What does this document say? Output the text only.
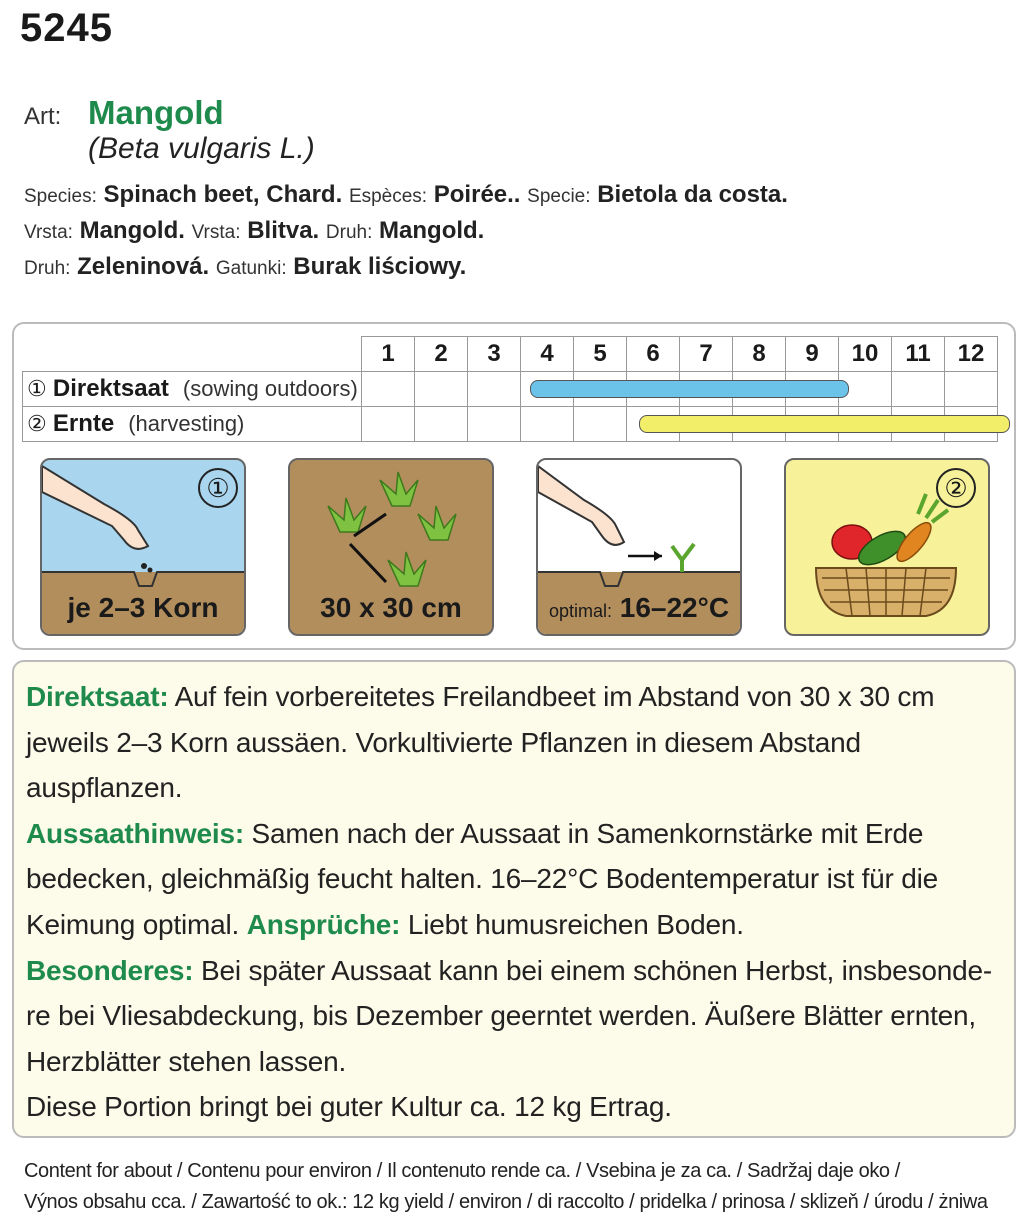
5245
Art: Mangold
(Beta vulgaris L.)
Species: Spinach beet, Chard. Espèces: Poirée.. Specie: Bietola da costa.
Vrsta: Mangold. Vrsta: Blitva. Druh: Mangold.
Druh: Zeleninová. Gatunki: Burak liściowy.
	1	2	3	4	5	6	7	8	9	10	11	12
① Direktsaat (sowing outdoors)												
② Ernte (harvesting)												
①
je 2–3 Korn	30 x 30 cm	optimal: 16–22°C
②

Direktsaat: Auf fein vorbereitetes Freilandbeet im Abstand von 30 x 30 cm jeweils 2–3 Korn aussäen. Vorkultivierte Pflanzen in diesem Abstand auspflanzen.
Aussaathinweis: Samen nach der Aussaat in Samenkornstärke mit Erde bedecken, gleichmäßig feucht halten. 16–22°C Bodentemperatur ist für die Keimung optimal. Ansprüche: Liebt humusreichen Boden.
Besonderes: Bei später Aussaat kann bei einem schönen Herbst, insbesonde-re bei Vliesabdeckung, bis Dezember geerntet werden. Äußere Blätter ernten, Herzblätter stehen lassen.
Diese Portion bringt bei guter Kultur ca. 12 kg Ertrag.

Content for about / Contenu pour environ / Il contenuto rende ca. / Vsebina je za ca. / Sadržaj daje oko /
Výnos obsahu cca. / Zawartość to ok.: 12 kg yield / environ / di raccolto / pridelka / prinosa / sklizeň / úrodu / żniwa
